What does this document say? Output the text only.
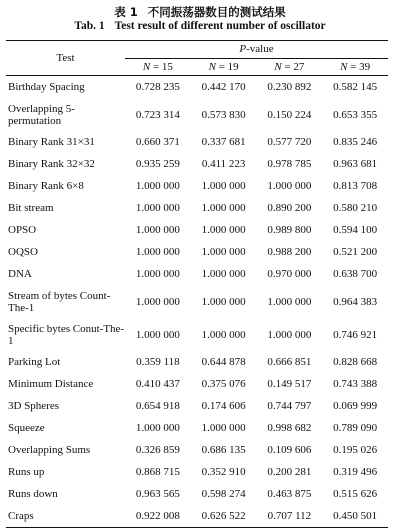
表 1 不同振荡器数目的测试结果
Tab. 1 Test result of different number of oscillator
Test	P-value			
	N = 15	N = 19	N = 27	N = 39
Birthday Spacing	0.728 235	0.442 170	0.230 892	0.582 145
Overlapping 5-permutation	0.723 314	0.573 830	0.150 224	0.653 355
Binary Rank 31×31	0.660 371	0.337 681	0.577 720	0.835 246
Binary Rank 32×32	0.935 259	0.411 223	0.978 785	0.963 681
Binary Rank 6×8	1.000 000	1.000 000	1.000 000	0.813 708
Bit stream	1.000 000	1.000 000	0.890 200	0.580 210
OPSO	1.000 000	1.000 000	0.989 800	0.594 100
OQSO	1.000 000	1.000 000	0.988 200	0.521 200
DNA	1.000 000	1.000 000	0.970 000	0.638 700
Stream of bytes Count-The-1	1.000 000	1.000 000	1.000 000	0.964 383
Specific bytes Conut-The-1	1.000 000	1.000 000	1.000 000	0.746 921
Parking Lot	0.359 118	0.644 878	0.666 851	0.828 668
Minimum Distance	0.410 437	0.375 076	0.149 517	0.743 388
3D Spheres	0.654 918	0.174 606	0.744 797	0.069 999
Squeeze	1.000 000	1.000 000	0.998 682	0.789 090
Overlapping Sums	0.326 859	0.686 135	0.109 606	0.195 026
Runs up	0.868 715	0.352 910	0.200 281	0.319 496
Runs down	0.963 565	0.598 274	0.463 875	0.515 626
Craps	0.922 008	0.626 522	0.707 112	0.450 501
